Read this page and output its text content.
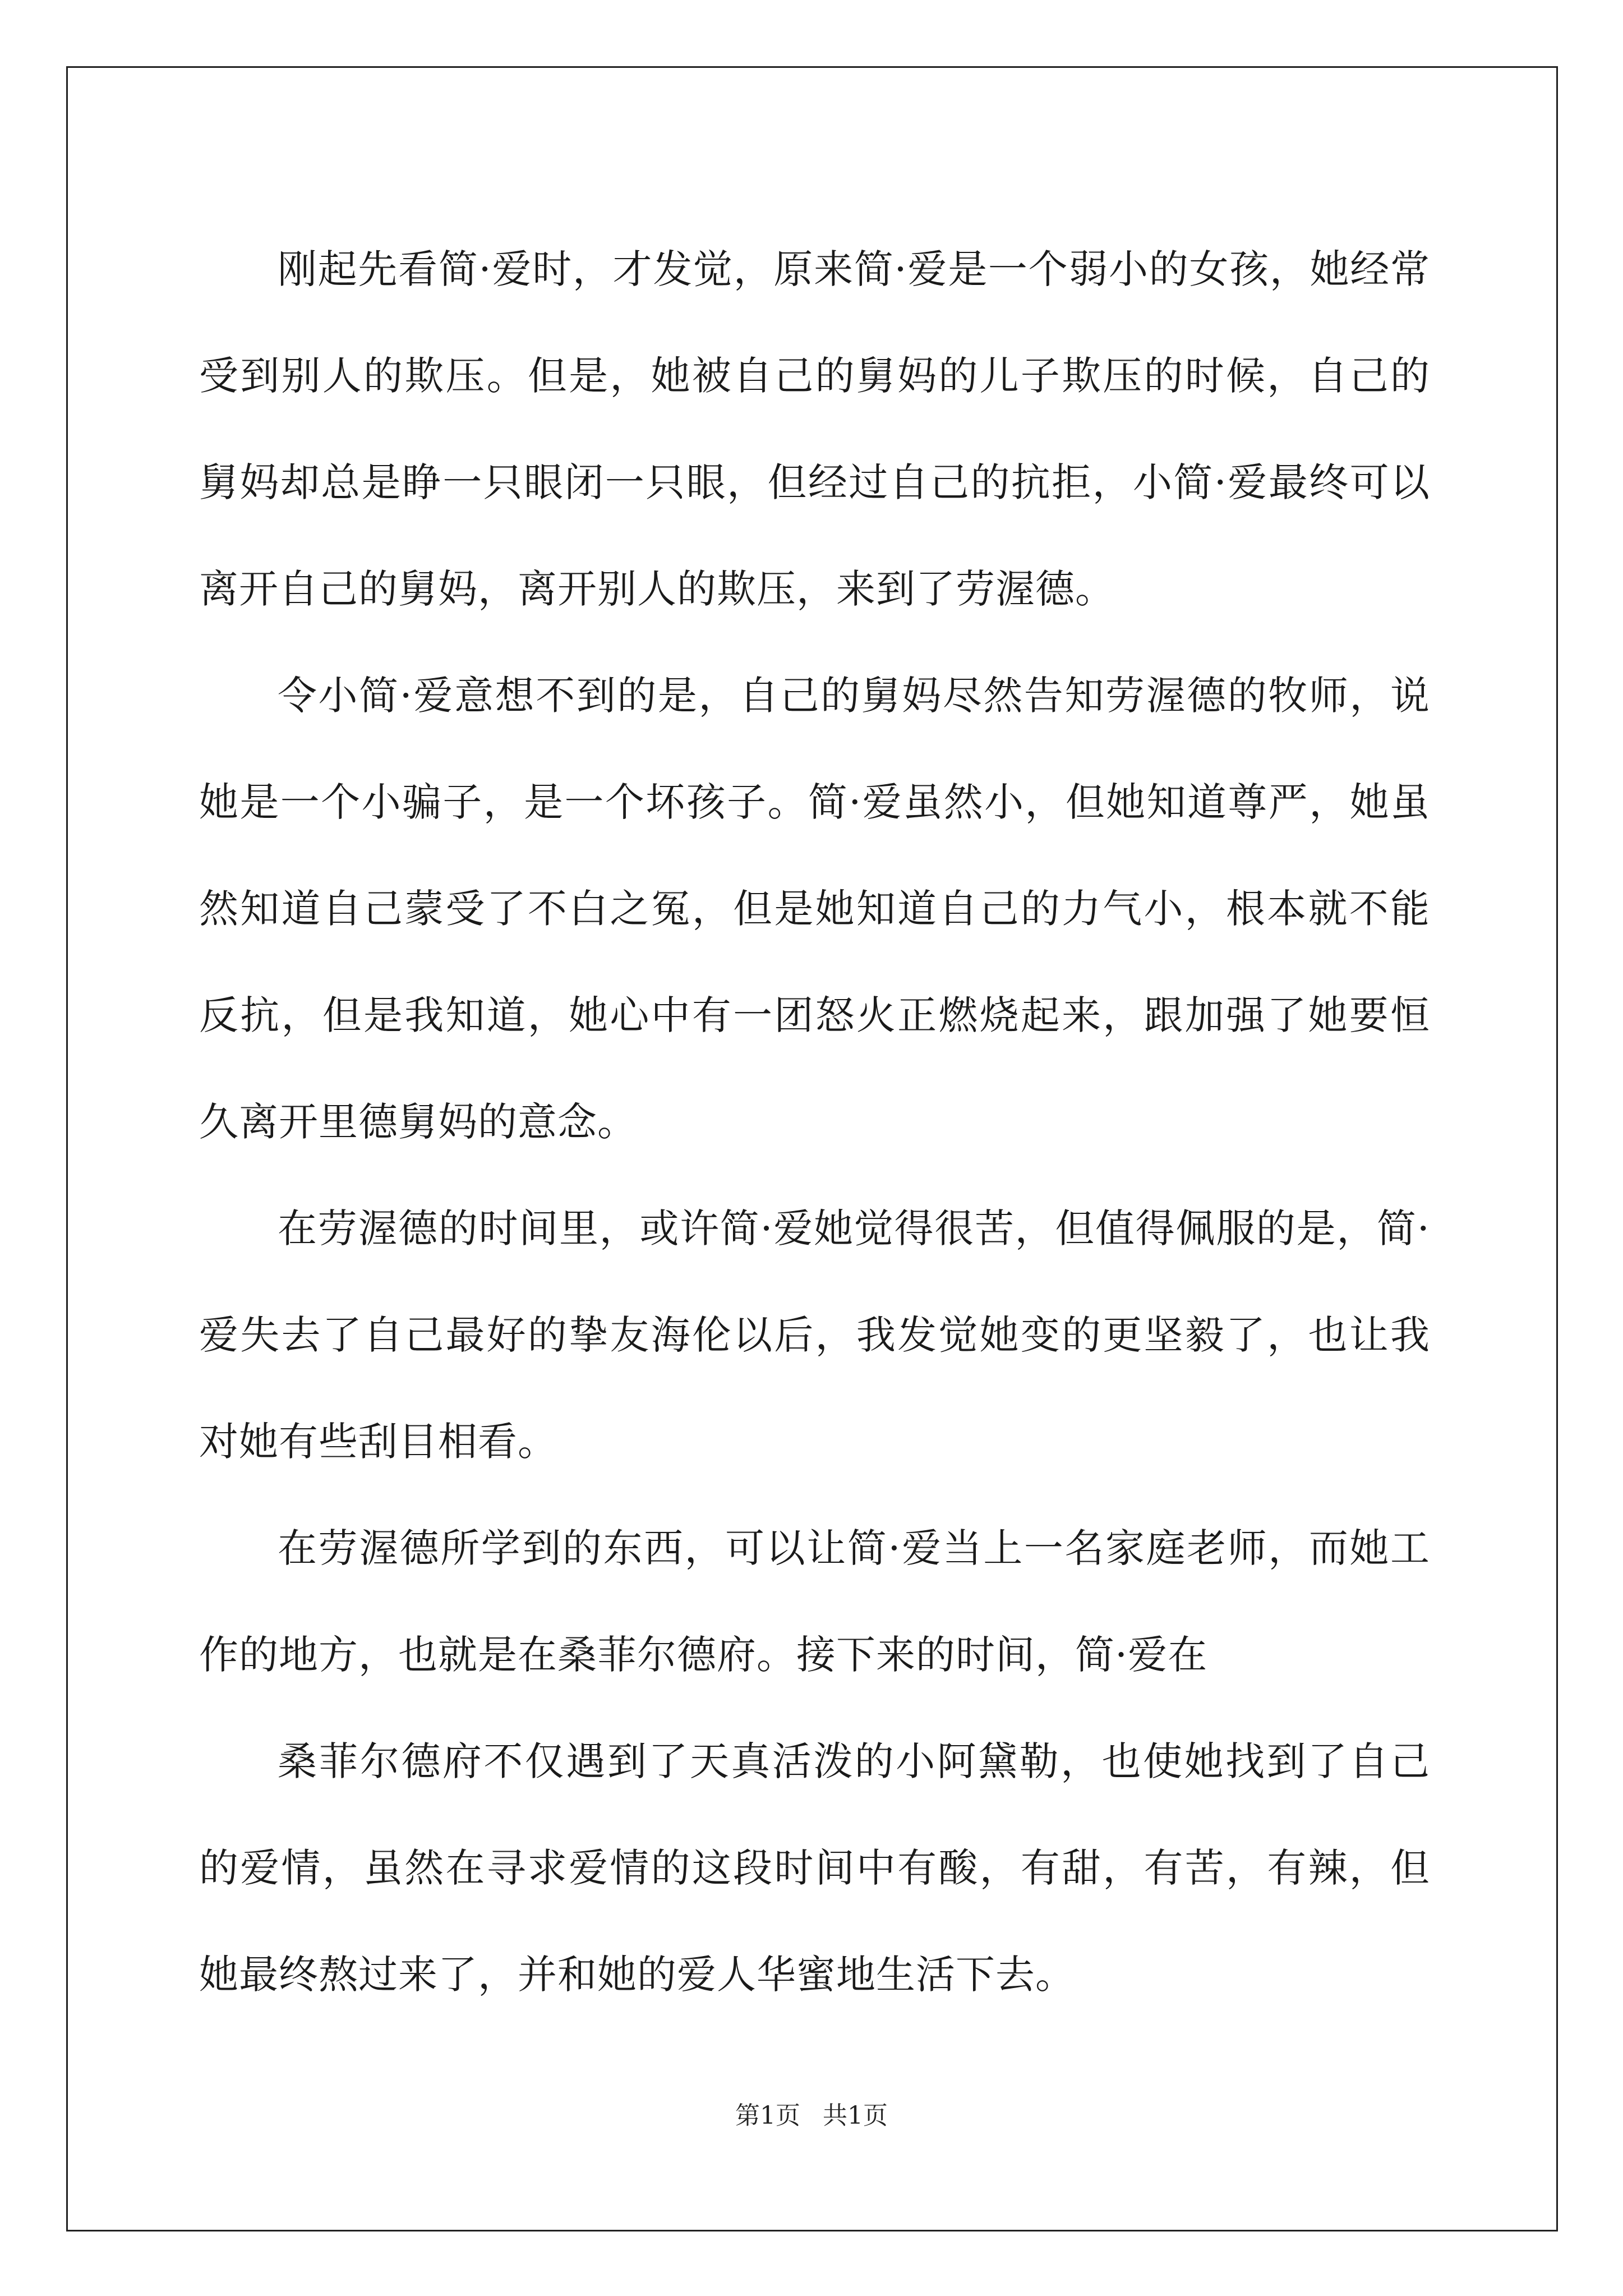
刚起先看简·爱时，才发觉，原来简·爱是一个弱小的女孩，她经常受到别人的欺压。但是，她被自己的舅妈的儿子欺压的时候，自己的舅妈却总是睁一只眼闭一只眼，但经过自己的抗拒，小简·爱最终可以离开自己的舅妈，离开别人的欺压，来到了劳渥德。

令小简·爱意想不到的是，自己的舅妈尽然告知劳渥德的牧师，说她是一个小骗子，是一个坏孩子。简·爱虽然小，但她知道尊严，她虽然知道自己蒙受了不白之冤，但是她知道自己的力气小，根本就不能反抗，但是我知道，她心中有一团怒火正燃烧起来，跟加强了她要恒久离开里德舅妈的意念。

在劳渥德的时间里，或许简·爱她觉得很苦，但值得佩服的是，简·爱失去了自己最好的挚友海伦以后，我发觉她变的更坚毅了，也让我对她有些刮目相看。

在劳渥德所学到的东西，可以让简·爱当上一名家庭老师，而她工作的地方，也就是在桑菲尔德府。接下来的时间，简·爱在

桑菲尔德府不仅遇到了天真活泼的小阿黛勒，也使她找到了自己的爱情，虽然在寻求爱情的这段时间中有酸，有甜，有苦，有辣，但她最终熬过来了，并和她的爱人华蜜地生活下去。

第1页 共1页
